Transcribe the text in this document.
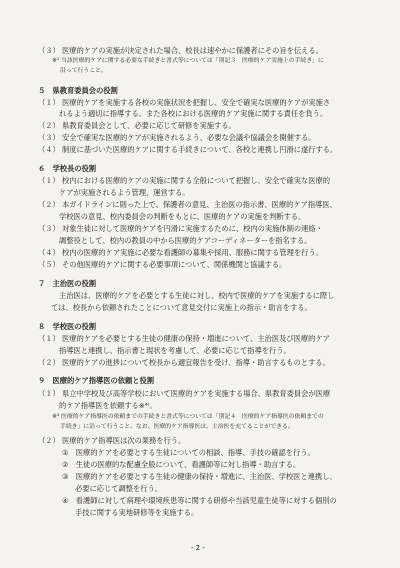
（３） 医療的ケアの実施が決定された場合、校長は速やかに保護者にその旨を伝える。
※¹ 当該医療的ケアに関する必要な手続きと書式等については「別記３　医療的ケア実施上の手続き」に
沿って行うこと。
５　県教育委員会の役割
（１） 医療的ケアを実施する各校の実施状況を把握し、安全で確実な医療的ケアが実施さ
れるよう適切に指導する。また各校における医療的ケア実施に関する責任を負う。
（２） 県教育委員会として、必要に応じて研修を実施する。
（３） 安全で確実な医療的ケアが実施されるよう、必要な会議や協議会を開催する。
（４） 制度に基づいた医療的ケアに関する手続きについて、各校と連携し円滑に遂行する。
６　学校長の役割
（１） 校内における医療的ケアの実施に関する全般について把握し、安全で確実な医療的
ケアが実施されるよう管理、運営する。
（２） 本ガイドラインに則った上で、保護者の意見、主治医の指示書、医療的ケア指導医、
学校医の意見、校内委員会の判断をもとに、医療的ケアの実施を判断する。
（３） 対象生徒に対して医療的ケアを円滑に実施するために、校内の実施体制の連絡・
調整役として、校内の教員の中から医療的ケアコーディネーターを指名する。
（４） 校内の医療的ケア実施に必要な看護師の募集や採用、服務に関する管理を行う。
（５） その他医療的ケアに関する必要事項について、関係機関と協議する。
７　主治医の役割
主治医は、医療的ケアを必要とする生徒に対し、校内で医療的ケアを実施するに際し
ては、校長から依頼されたことについて意見交付に実施上の指示・助言をする。
８　学校医の役割
（１） 医療的ケアを必要とする生徒の健康の保持・増進について、主治医及び医療的ケア
指導医と連携し、指示書と現状を考慮して、必要に応じて指導を行う。
（２） 医療的ケアの進捗について校長から適宜報告を受け、指導・助言するものとする。
９　医療的ケア指導医の依頼と役割
（１） 県立中学校及び高等学校において医療的ケアを実施する場合、県教育委員会が医療
的ケア指導医を依頼する※⁴⁾。
※⁴ 医療的ケア指導医の依頼までの手続きと書式等については「別記４　医療的ケア指導医の依頼までの
手続き」に沿って行うこと。なお、医療的ケア指導医は、主治医を充てることができる。
（２） 医療的ケア指導医は次の業務を行う。
①　医療的ケアを必要とする生徒についての相談、指導、手技の確認を行う。
②　生徒の医療的な配慮全般について、看護師等に対し指導・助言する。
③　医療的ケアを必要とする生徒の健康の保持・増進に、主治医、学校医と連携し、
必要に応じて調整を行う。
④　看護師に対して病理や環境疾患等に関する研修や当該児童生徒等に対する個別の
手技に関する実地研修等を実施する。
- 2 -
